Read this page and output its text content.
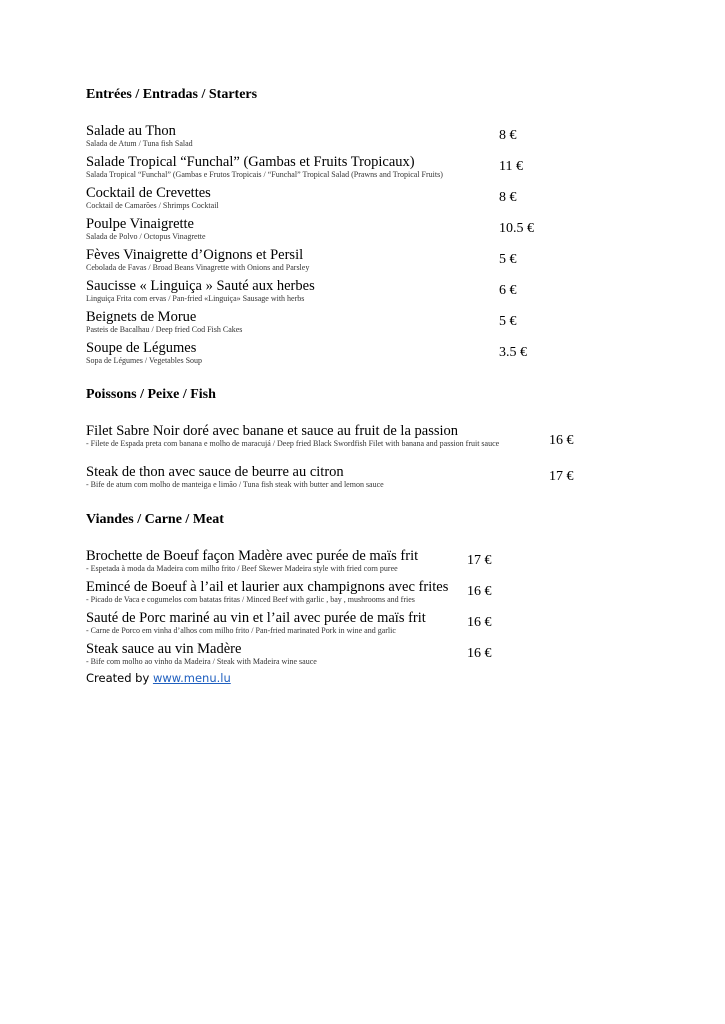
Entrées / Entradas / Starters
Salade au Thon
Salada de Atum / Tuna fish Salad
8 €
Salade Tropical “Funchal” (Gambas et Fruits Tropicaux)
Salada Tropical “Funchal” (Gambas e Frutos Tropicais / “Funchal” Tropical Salad (Prawns and Tropical Fruits)
11 €
Cocktail de Crevettes
Cocktail de Camarões / Shrimps Cocktail
8 €
Poulpe Vinaigrette
Salada de Polvo / Octopus Vinagrette
10.5 €
Fèves Vinaigrette d’Oignons et Persil
Cebolada de Favas / Broad Beans Vinagrette with Onions and Parsley
5 €
Saucisse « Linguiça » Sauté aux herbes
Linguiça Frita com ervas / Pan-fried «Linguiça» Sausage with herbs
6 €
Beignets de Morue
Pasteis de Bacalhau / Deep fried Cod Fish Cakes
5 €
Soupe de Légumes
Sopa de Légumes / Vegetables Soup
3.5 €
Poissons / Peixe / Fish
Filet Sabre Noir doré avec banane et sauce au fruit de la passion
- Filete de Espada preta com banana e molho de maracujá / Deep fried Black Swordfish Filet with banana and passion fruit sauce	16 €
Steak de thon avec sauce de beurre au citron
- Bife de atum com molho de manteiga e limão / Tuna fish steak with butter and lemon sauce
17 €
Viandes / Carne / Meat
Brochette de Boeuf façon Madère avec purée de maïs frit
- Espetada à moda da Madeira com milho frito / Beef Skewer Madeira style with fried corn puree
17 €
Emincé de Boeuf à l’ail et laurier aux champignons avec frites
- Picado de Vaca e cogumelos com batatas fritas / Minced Beef with garlic , bay , mushrooms and fries
16 €
Sauté de Porc mariné au vin et l’ail avec purée de maïs frit
- Carne de Porco em vinha d’alhos com milho frito / Pan-fried marinated Pork in wine and garlic
16 €
Steak sauce au vin Madère
- Bife com molho ao vinho da Madeira / Steak with Madeira wine sauce
16 €
Created by www.menu.lu
